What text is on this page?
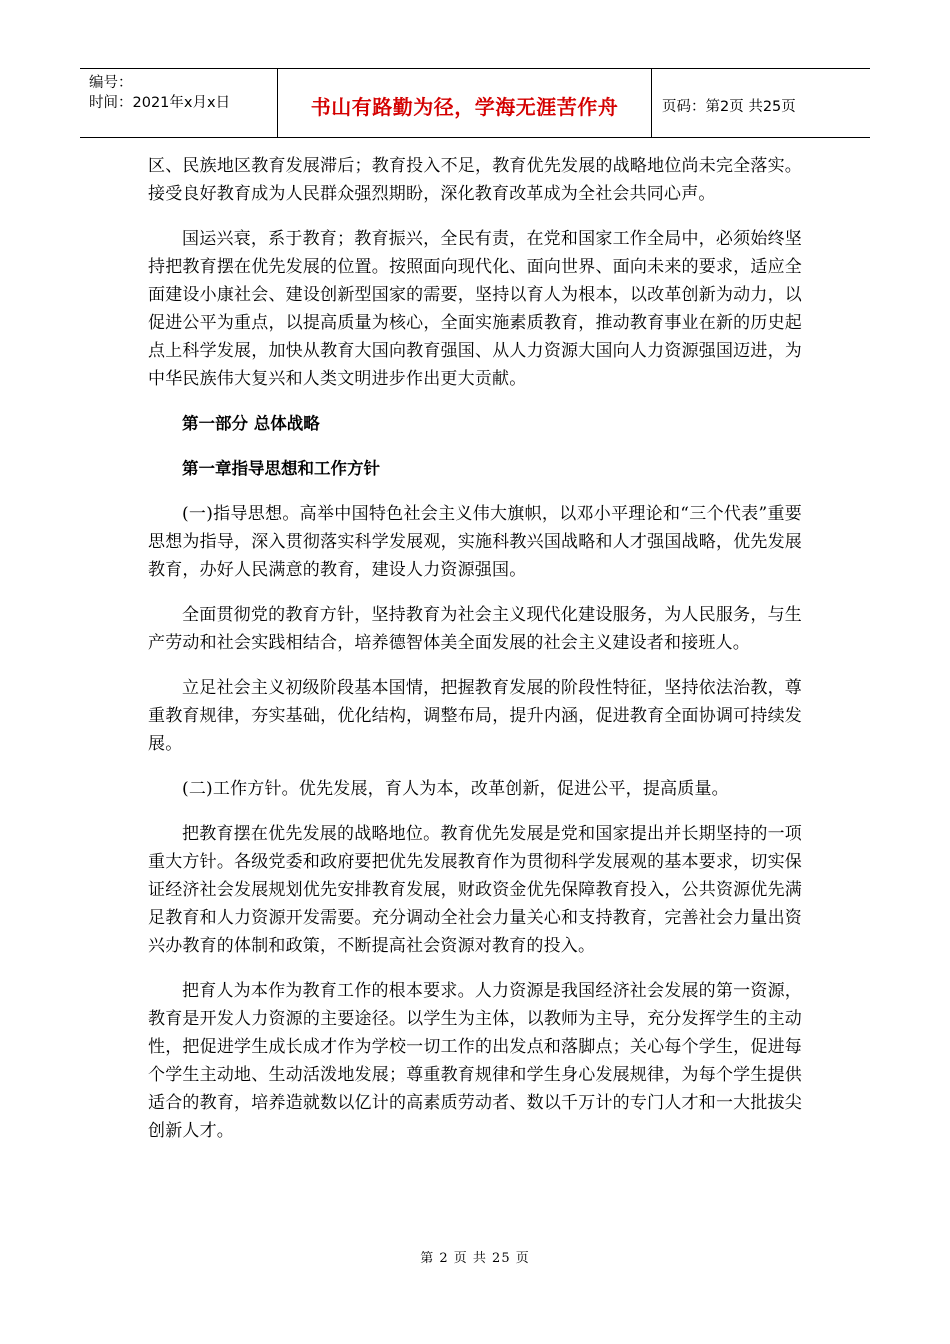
编号：
时间：2021年x月x日	书山有路勤为径，学海无涯苦作舟	页码：第2页 共25页

区、民族地区教育发展滞后；教育投入不足，教育优先发展的战略地位尚未完全落实。接受良好教育成为人民群众强烈期盼，深化教育改革成为全社会共同心声。

国运兴衰，系于教育；教育振兴，全民有责，在党和国家工作全局中，必须始终坚持把教育摆在优先发展的位置。按照面向现代化、面向世界、面向未来的要求，适应全面建设小康社会、建设创新型国家的需要，坚持以育人为根本，以改革创新为动力，以促进公平为重点，以提高质量为核心，全面实施素质教育，推动教育事业在新的历史起点上科学发展，加快从教育大国向教育强国、从人力资源大国向人力资源强国迈进，为中华民族伟大复兴和人类文明进步作出更大贡献。

第一部分 总体战略

第一章指导思想和工作方针

(一)指导思想。高举中国特色社会主义伟大旗帜，以邓小平理论和“三个代表”重要思想为指导，深入贯彻落实科学发展观，实施科教兴国战略和人才强国战略，优先发展教育，办好人民满意的教育，建设人力资源强国。

全面贯彻党的教育方针，坚持教育为社会主义现代化建设服务，为人民服务，与生产劳动和社会实践相结合，培养德智体美全面发展的社会主义建设者和接班人。

立足社会主义初级阶段基本国情，把握教育发展的阶段性特征，坚持依法治教，尊重教育规律，夯实基础，优化结构，调整布局，提升内涵，促进教育全面协调可持续发展。

(二)工作方针。优先发展，育人为本，改革创新，促进公平，提高质量。

把教育摆在优先发展的战略地位。教育优先发展是党和国家提出并长期坚持的一项重大方针。各级党委和政府要把优先发展教育作为贯彻科学发展观的基本要求，切实保证经济社会发展规划优先安排教育发展，财政资金优先保障教育投入，公共资源优先满足教育和人力资源开发需要。充分调动全社会力量关心和支持教育，完善社会力量出资兴办教育的体制和政策，不断提高社会资源对教育的投入。

把育人为本作为教育工作的根本要求。人力资源是我国经济社会发展的第一资源，教育是开发人力资源的主要途径。以学生为主体，以教师为主导，充分发挥学生的主动性，把促进学生成长成才作为学校一切工作的出发点和落脚点；关心每个学生，促进每个学生主动地、生动活泼地发展；尊重教育规律和学生身心发展规律，为每个学生提供适合的教育，培养造就数以亿计的高素质劳动者、数以千万计的专门人才和一大批拔尖创新人才。

第 2 页 共 25 页
